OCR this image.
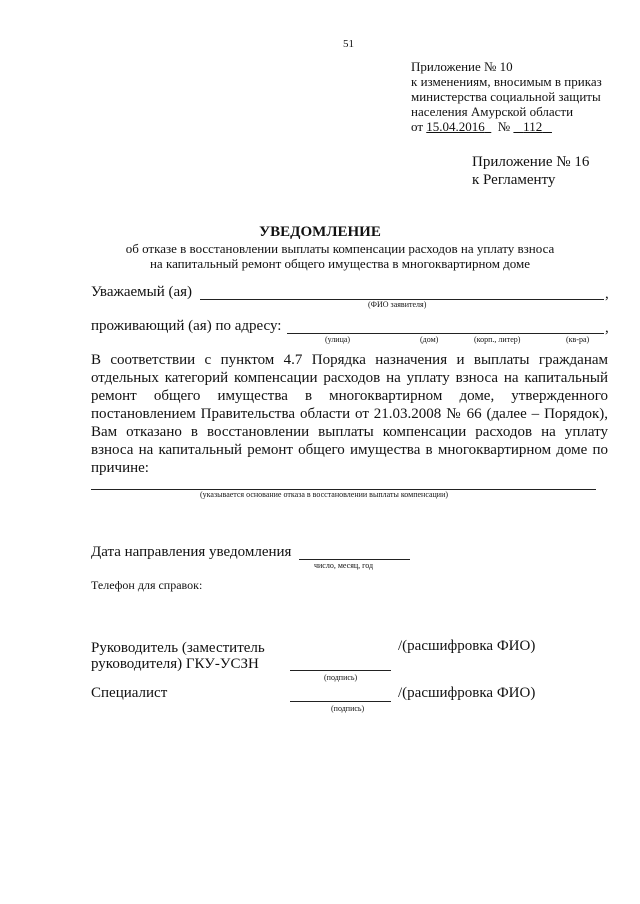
51
Приложение № 10
к изменениям, вносимым в приказ
министерства социальной защиты
населения Амурской области
от 15.04.2016 № 112
Приложение № 16
к Регламенту
УВЕДОМЛЕНИЕ
об отказе в восстановлении выплаты компенсации расходов на уплату взноса
на капитальный ремонт общего имущества в многоквартирном доме
Уважаемый (ая)	,
(ФИО заявителя)
проживающий (ая) по адресу:	,
(улица)	(дом)	(корп., литер)	(кв-ра)
В соответствии с пунктом 4.7 Порядка назначения и выплаты гражданам отдельных категорий компенсации расходов на уплату взноса на капитальный ремонт общего имущества в многоквартирном доме, утвержденного постановлением Правительства области от 21.03.2008 № 66 (далее – Порядок), Вам отказано в восстановлении выплаты компенсации расходов на уплату взноса на капитальный ремонт общего имущества в многоквартирном доме по причине:
(указывается основание отказа в восстановлении выплаты компенсации)
Дата направления уведомления
число, месяц, год
Телефон для справок:
Руководитель (заместитель
руководителя) ГКУ-УСЗН
/(расшифровка ФИО)
(подпись)
Специалист	/(расшифровка ФИО)
(подпись)
